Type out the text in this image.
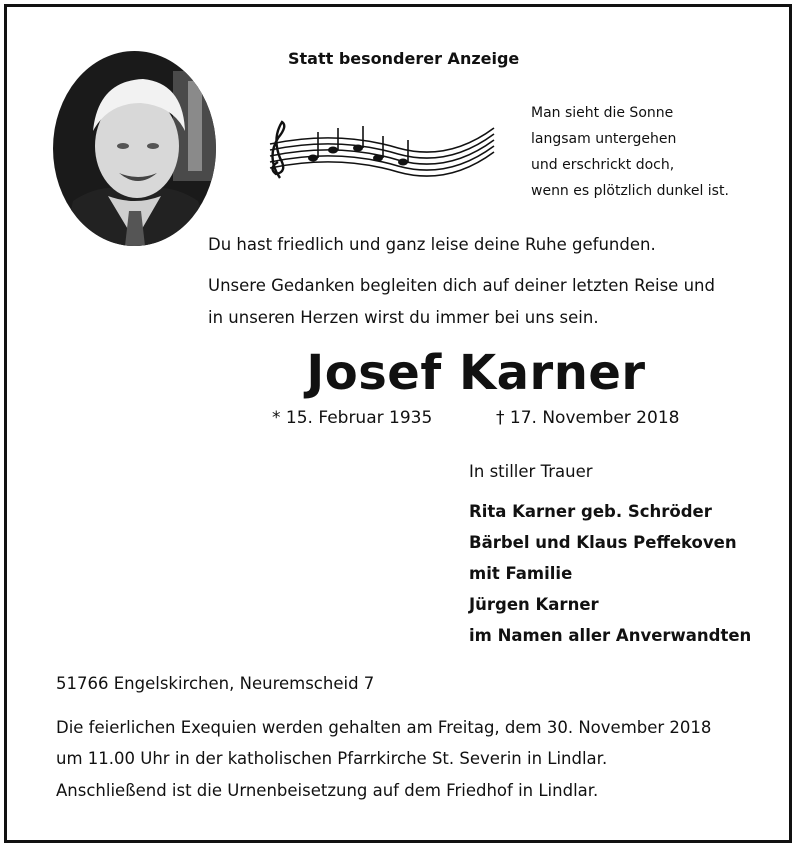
Statt besonderer Anzeige
Man sieht die Sonne
langsam untergehen
und erschrickt doch,
wenn es plötzlich dunkel ist.
Du hast friedlich und ganz leise deine Ruhe gefunden.
Unsere Gedanken begleiten dich auf deiner letzten Reise und
in unseren Herzen wirst du immer bei uns sein.
Josef Karner
* 15. Februar 1935	† 17. November 2018
In stiller Trauer
Rita Karner geb. Schröder
Bärbel und Klaus Peffekoven
mit Familie
Jürgen Karner
im Namen aller Anverwandten
51766 Engelskirchen, Neuremscheid 7
Die feierlichen Exequien werden gehalten am Freitag, dem 30. November 2018
um 11.00 Uhr in der katholischen Pfarrkirche St. Severin in Lindlar.
Anschließend ist die Urnenbeisetzung auf dem Friedhof in Lindlar.
